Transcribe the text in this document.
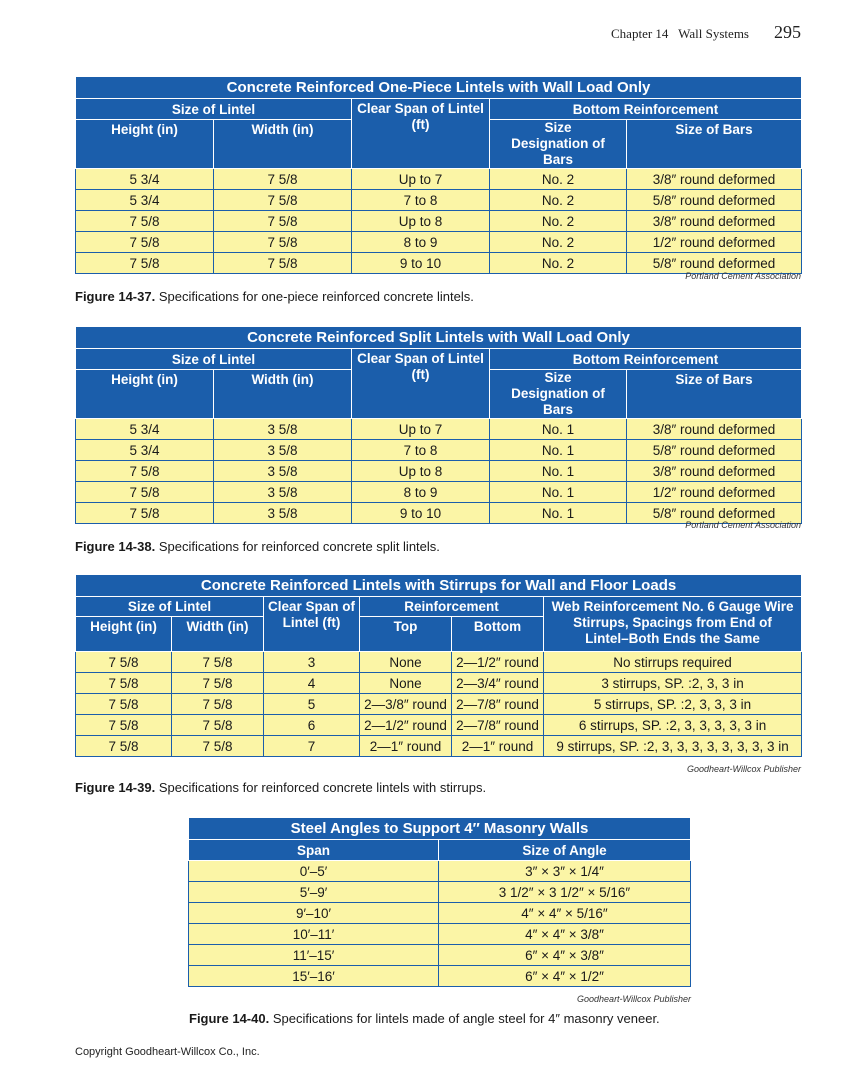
Chapter 14 Wall Systems 295
Concrete Reinforced One-Piece Lintels with Wall Load Only				
Size of Lintel		Clear Span of Lintel (ft)	Bottom Reinforcement	
Height (in)	Width (in)		Size Designation of Bars	Size of Bars
5 3/4	7 5/8	Up to 7	No. 2	3/8″ round deformed
5 3/4	7 5/8	7 to 8	No. 2	5/8″ round deformed
7 5/8	7 5/8	Up to 8	No. 2	3/8″ round deformed
7 5/8	7 5/8	8 to 9	No. 2	1/2″ round deformed
7 5/8	7 5/8	9 to 10	No. 2	5/8″ round deformed
Portland Cement Association
Figure 14-37. Specifications for one-piece reinforced concrete lintels.
Concrete Reinforced Split Lintels with Wall Load Only				
Size of Lintel		Clear Span of Lintel (ft)	Bottom Reinforcement	
Height (in)	Width (in)		Size Designation of Bars	Size of Bars
5 3/4	3 5/8	Up to 7	No. 1	3/8″ round deformed
5 3/4	3 5/8	7 to 8	No. 1	5/8″ round deformed
7 5/8	3 5/8	Up to 8	No. 1	3/8″ round deformed
7 5/8	3 5/8	8 to 9	No. 1	1/2″ round deformed
7 5/8	3 5/8	9 to 10	No. 1	5/8″ round deformed
Portland Cement Association
Figure 14-38. Specifications for reinforced concrete split lintels.
Concrete Reinforced Lintels with Stirrups for Wall and Floor Loads					
Size of Lintel		Clear Span of Lintel (ft)	Reinforcement		Web Reinforcement No. 6 Gauge Wire Stirrups, Spacings from End of Lintel–Both Ends the Same
Height (in)	Width (in)		Top	Bottom	
7 5/8	7 5/8	3	None	2—1/2″ round	No stirrups required
7 5/8	7 5/8	4	None	2—3/4″ round	3 stirrups, SP. :2, 3, 3 in
7 5/8	7 5/8	5	2—3/8″ round	2—7/8″ round	5 stirrups, SP. :2, 3, 3, 3 in
7 5/8	7 5/8	6	2—1/2″ round	2—7/8″ round	6 stirrups, SP. :2, 3, 3, 3, 3, 3 in
7 5/8	7 5/8	7	2—1″ round	2—1″ round	9 stirrups, SP. :2, 3, 3, 3, 3, 3, 3, 3, 3 in
Goodheart-Willcox Publisher
Figure 14-39. Specifications for reinforced concrete lintels with stirrups.
Steel Angles to Support 4″ Masonry Walls	
Span	Size of Angle
0′–5′	3″ × 3″ × 1/4″
5′–9′	3 1/2″ × 3 1/2″ × 5/16″
9′–10′	4″ × 4″ × 5/16″
10′–11′	4″ × 4″ × 3/8″
11′–15′	6″ × 4″ × 3/8″
15′–16′	6″ × 4″ × 1/2″
Goodheart-Willcox Publisher
Figure 14-40. Specifications for lintels made of angle steel for 4″ masonry veneer.
Copyright Goodheart-Willcox Co., Inc.
